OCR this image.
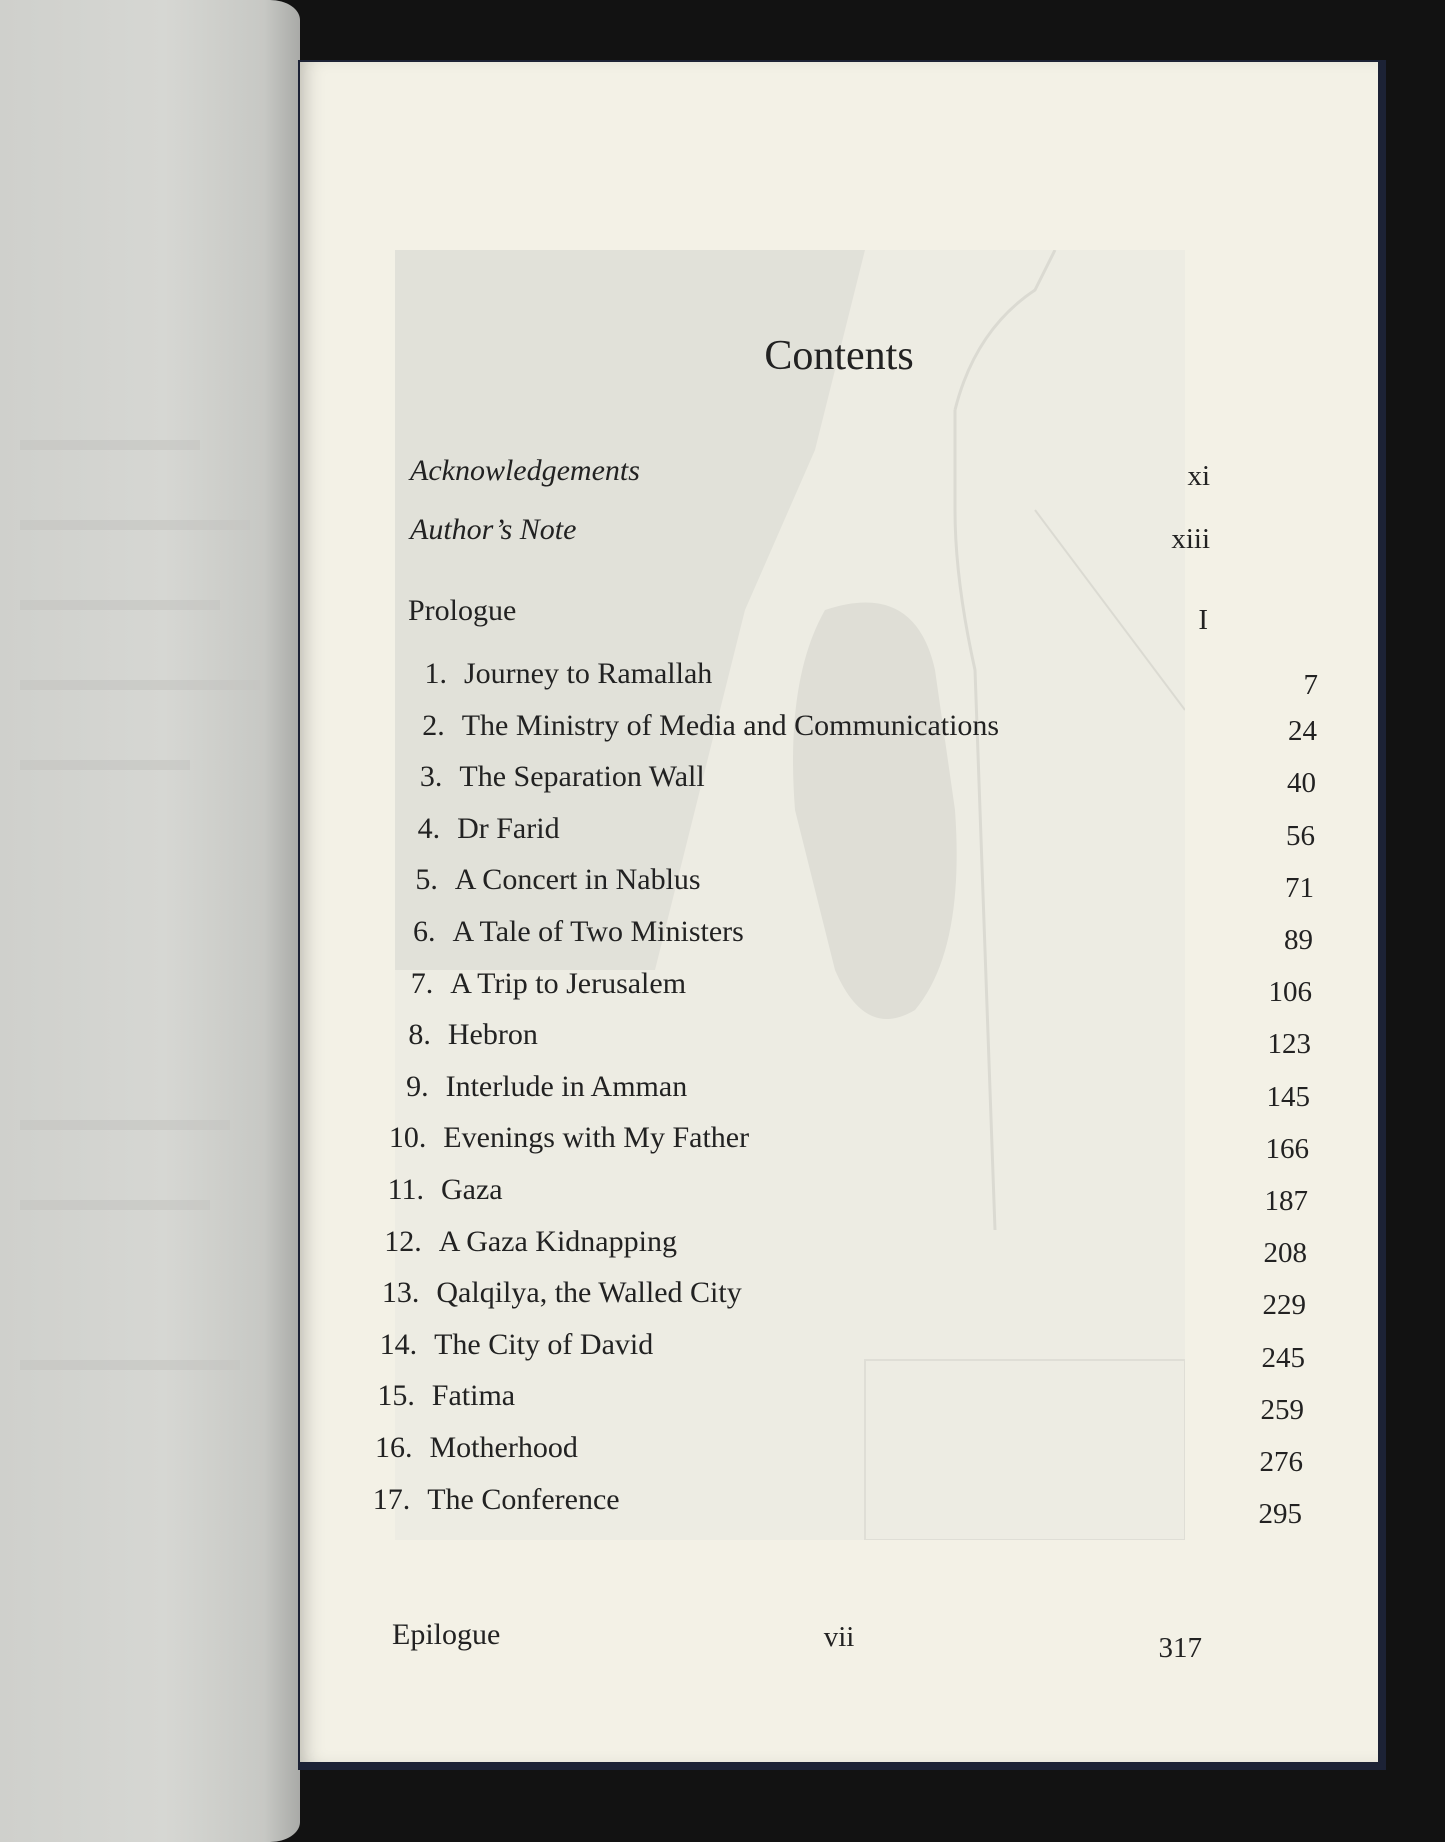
Contents
Acknowledgements	xi
Author’s Note	xiii
Prologue	I
1. Journey to Ramallah	7
2. The Ministry of Media and Communications	24
3. The Separation Wall	40
4. Dr Farid	56
5. A Concert in Nablus	71
6. A Tale of Two Ministers	89
7. A Trip to Jerusalem	106
8. Hebron	123
9. Interlude in Amman	145
10. Evenings with My Father	166
11. Gaza	187
12. A Gaza Kidnapping	208
13. Qalqilya, the Walled City	229
14. The City of David	245
15. Fatima	259
16. Motherhood	276
17. The Conference	295
Epilogue	317
vii
